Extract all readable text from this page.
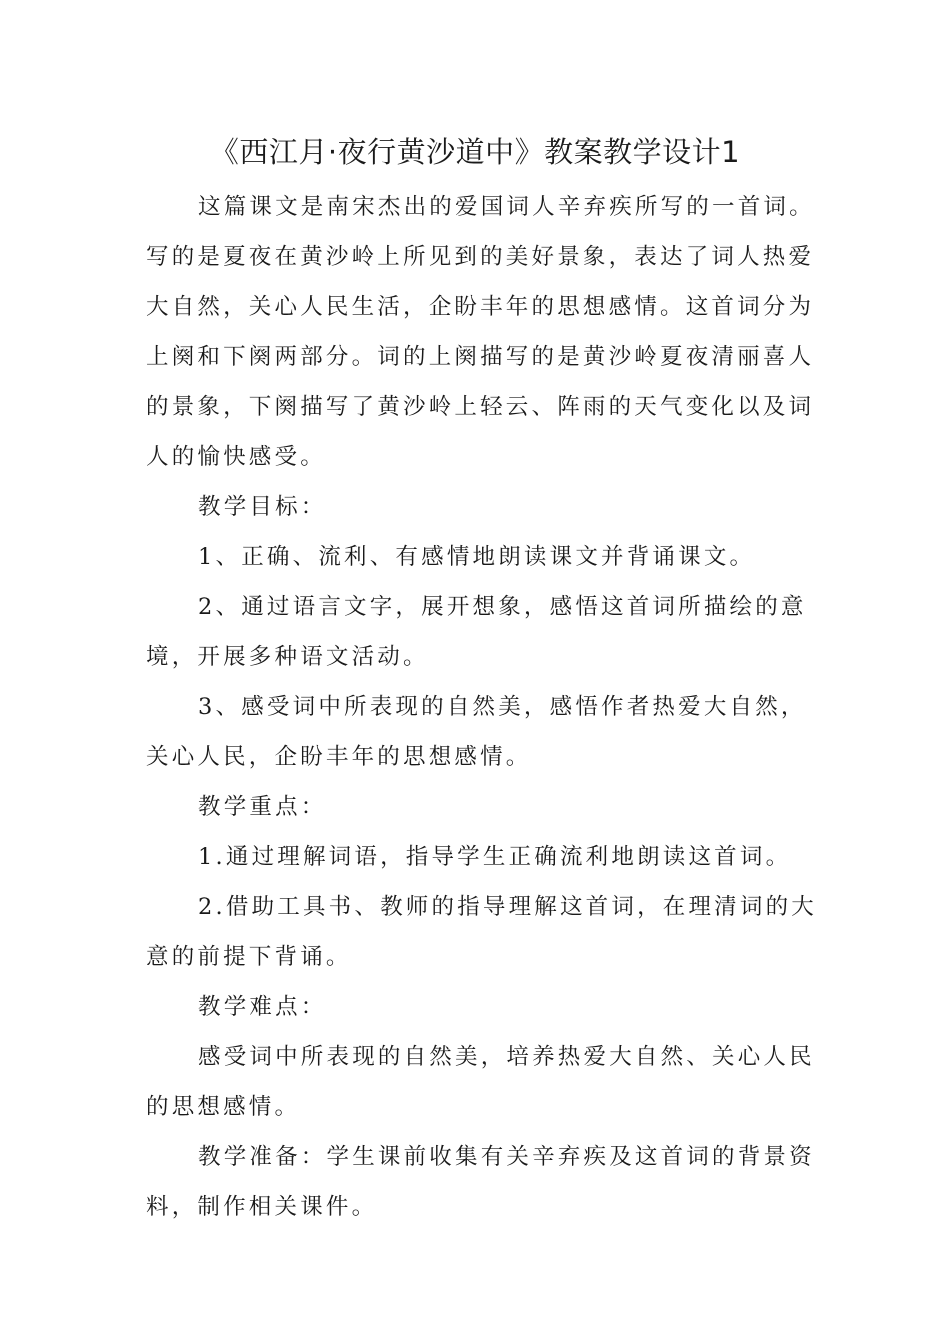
《西江月·夜行黄沙道中》教案教学设计1

这篇课文是南宋杰出的爱国词人辛弃疾所写的一首词。写的是夏夜在黄沙岭上所见到的美好景象，表达了词人热爱大自然，关心人民生活，企盼丰年的思想感情。这首词分为上阕和下阕两部分。词的上阕描写的是黄沙岭夏夜清丽喜人的景象，下阕描写了黄沙岭上轻云、阵雨的天气变化以及词人的愉快感受。

教学目标：

1、正确、流利、有感情地朗读课文并背诵课文。

2、通过语言文字，展开想象，感悟这首词所描绘的意境，开展多种语文活动。

3、感受词中所表现的自然美，感悟作者热爱大自然，关心人民，企盼丰年的思想感情。

教学重点：

1.通过理解词语，指导学生正确流利地朗读这首词。

2.借助工具书、教师的指导理解这首词，在理清词的大意的前提下背诵。

教学难点：

感受词中所表现的自然美，培养热爱大自然、关心人民的思想感情。

教学准备：学生课前收集有关辛弃疾及这首词的背景资料，制作相关课件。
